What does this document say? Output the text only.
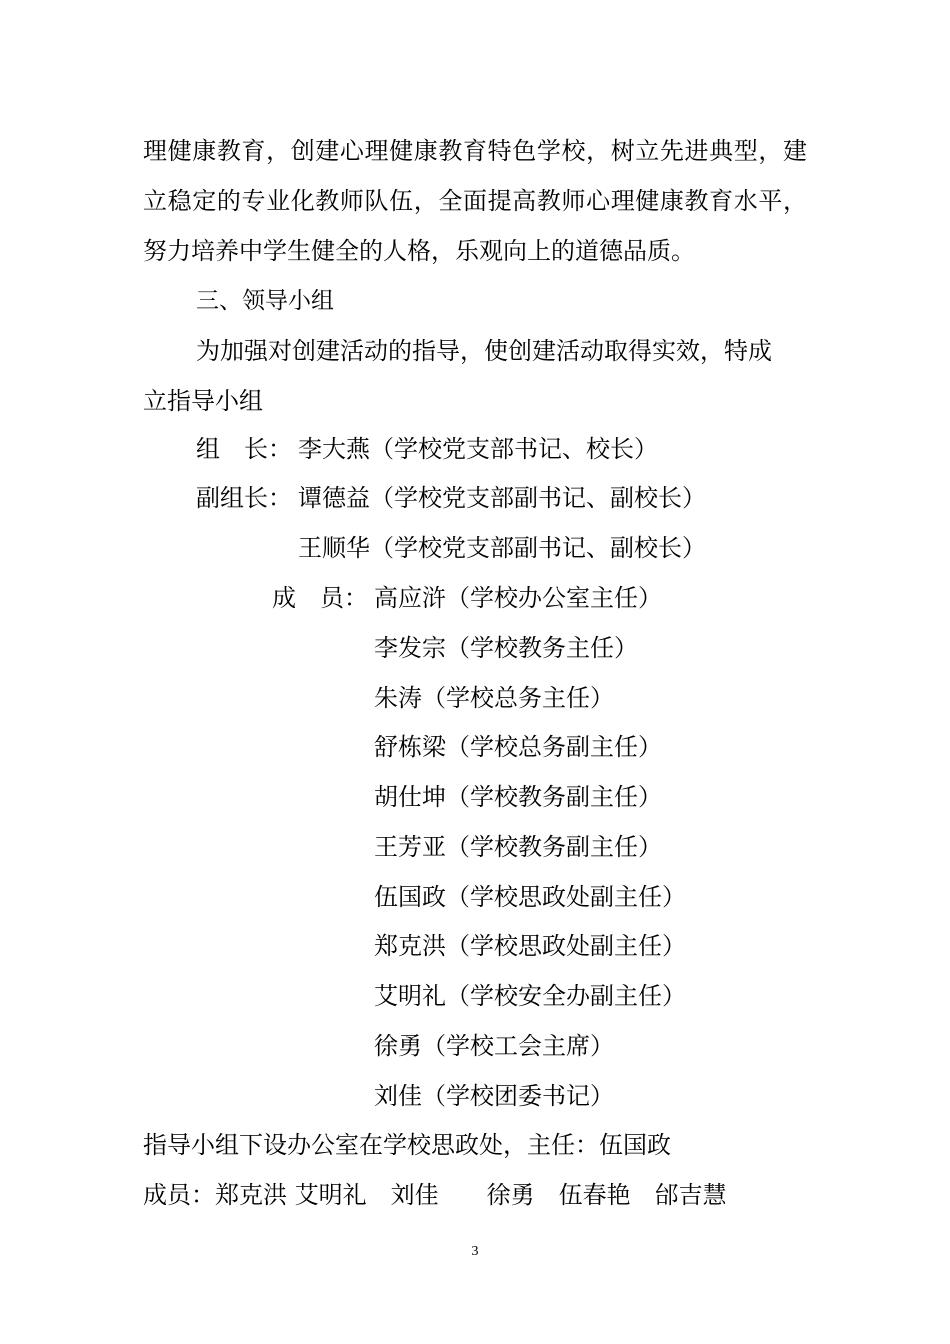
理健康教育，创建心理健康教育特色学校，树立先进典型，建
立稳定的专业化教师队伍，全面提高教师心理健康教育水平，
努力培养中学生健全的人格，乐观向上的道德品质。
三、领导小组
为加强对创建活动的指导，使创建活动取得实效，特成
立指导小组
组　长： 李大燕（学校党支部书记、校长）
副组长： 谭德益（学校党支部副书记、副校长）
王顺华（学校党支部副书记、副校长）
成　员： 高应浒（学校办公室主任）
李发宗（学校教务主任）
朱涛（学校总务主任）
舒栋梁（学校总务副主任）
胡仕坤（学校教务副主任）
王芳亚（学校教务副主任）
伍国政（学校思政处副主任）
郑克洪（学校思政处副主任）
艾明礼（学校安全办副主任）
徐勇（学校工会主席）
刘佳（学校团委书记）
指导小组下设办公室在学校思政处，主任：伍国政
成员：郑克洪 艾明礼　刘佳　　徐勇　伍春艳　邰吉慧
3
